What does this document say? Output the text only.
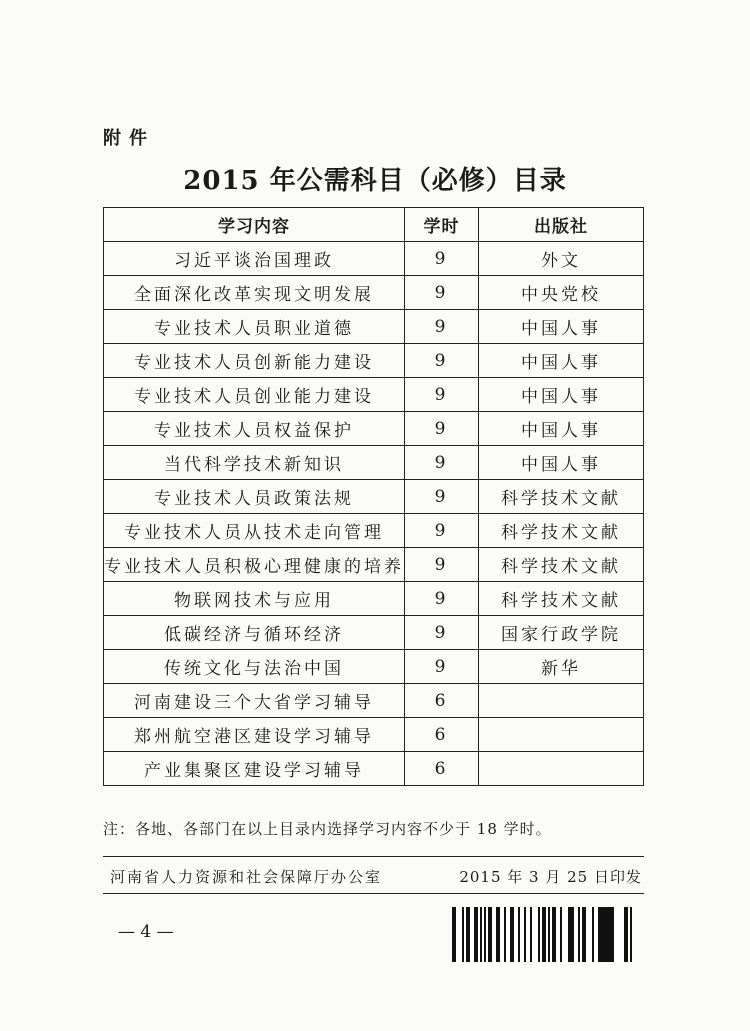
附件
2015 年公需科目（必修）目录
学习内容	学时	出版社
习近平谈治国理政	9	外文
全面深化改革实现文明发展	9	中央党校
专业技术人员职业道德	9	中国人事
专业技术人员创新能力建设	9	中国人事
专业技术人员创业能力建设	9	中国人事
专业技术人员权益保护	9	中国人事
当代科学技术新知识	9	中国人事
专业技术人员政策法规	9	科学技术文献
专业技术人员从技术走向管理	9	科学技术文献
专业技术人员积极心理健康的培养	9	科学技术文献
物联网技术与应用	9	科学技术文献
低碳经济与循环经济	9	国家行政学院
传统文化与法治中国	9	新华
河南建设三个大省学习辅导	6	
郑州航空港区建设学习辅导	6	
产业集聚区建设学习辅导	6	
注：各地、各部门在以上目录内选择学习内容不少于 18 学时。
河南省人力资源和社会保障厅办公室	2015 年 3 月 25 日印发
— 4 —
